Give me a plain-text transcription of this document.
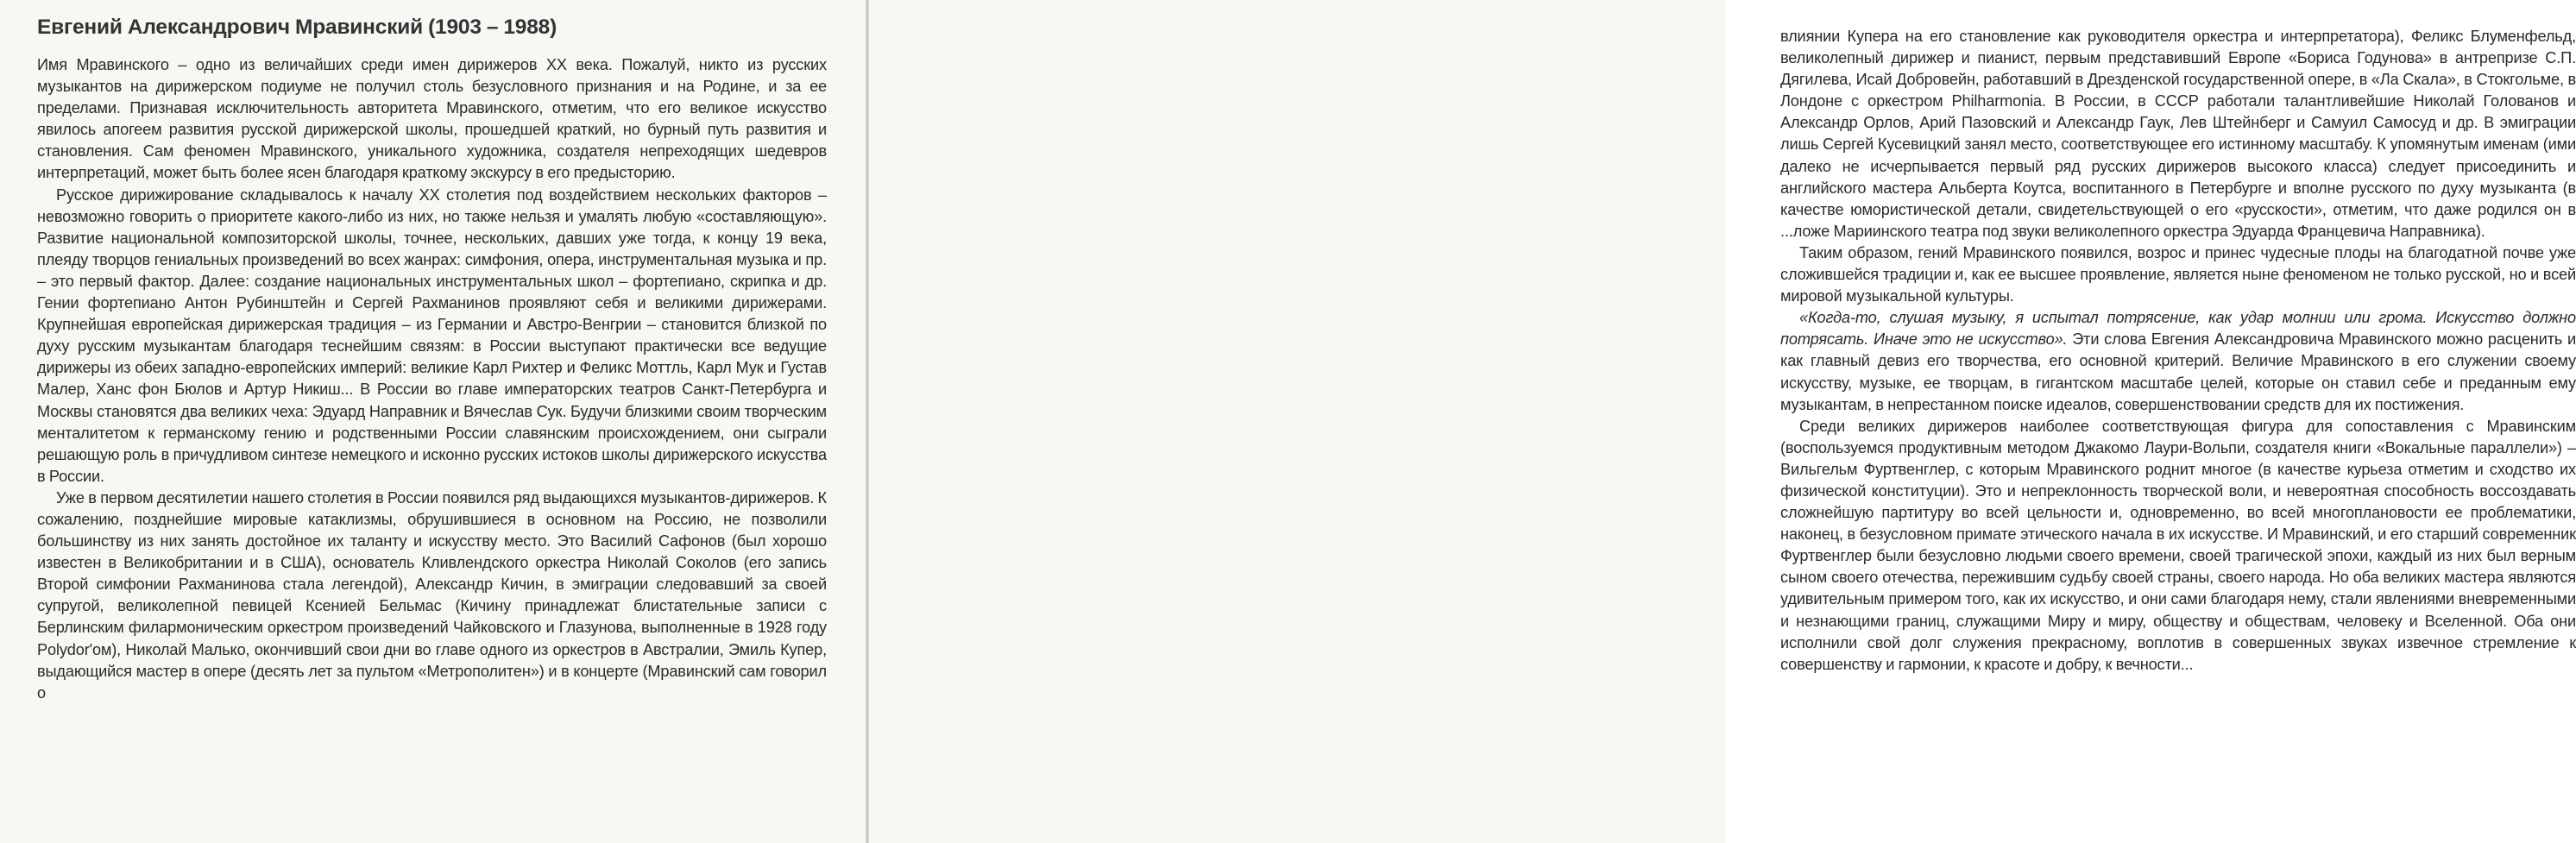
Евгений Александрович Мравинский (1903 – 1988)

Имя Мравинского – одно из величайших среди имен дирижеров XX века. Пожалуй, никто из русских музыкантов на дирижерском подиуме не получил столь безусловного признания и на Родине, и за ее пределами. Признавая исключительность авторитета Мравинского, отметим, что его великое искусство явилось апогеем развития русской дирижерской школы, прошедшей краткий, но бурный путь развития и становления. Сам феномен Мравинского, уникального художника, создателя непреходящих шедевров интерпретаций, может быть более ясен благодаря краткому экскурсу в его предысторию.

Русское дирижирование складывалось к началу XX столетия под воздействием нескольких факторов – невозможно говорить о приоритете какого-либо из них, но также нельзя и умалять любую «составляющую». Развитие национальной композиторской школы, точнее, нескольких, давших уже тогда, к концу 19 века, плеяду творцов гениальных произведений во всех жанрах: симфония, опера, инструментальная музыка и пр. – это первый фактор. Далее: создание национальных инструментальных школ – фортепиано, скрипка и др. Гении фортепиано Антон Рубинштейн и Сергей Рахманинов проявляют себя и великими дирижерами. Крупнейшая европейская дирижерская традиция – из Германии и Австро-Венгрии – становится близкой по духу русским музыкантам благодаря теснейшим связям: в России выступают практически все ведущие дирижеры из обеих западно-европейских империй: великие Карл Рихтер и Феликс Моттль, Карл Мук и Густав Малер, Ханс фон Бюлов и Артур Никиш... В России во главе императорских театров Санкт-Петербурга и Москвы становятся два великих чеха: Эдуард Направник и Вячеслав Сук. Будучи близкими своим творческим менталитетом к германскому гению и родственными России славянским происхождением, они сыграли решающую роль в причудливом синтезе немецкого и исконно русских истоков школы дирижерского искусства в России.

Уже в первом десятилетии нашего столетия в России появился ряд выдающихся музыкантов-дирижеров. К сожалению, позднейшие мировые катаклизмы, обрушившиеся в основном на Россию, не позволили большинству из них занять достойное их таланту и искусству место. Это Василий Сафонов (был хорошо известен в Великобритании и в США), основатель Кливлендского оркестра Николай Соколов (его запись Второй симфонии Рахманинова стала легендой), Александр Кичин, в эмиграции следовавший за своей супругой, великолепной певицей Ксенией Бельмас (Кичину принадлежат блистательные записи с Берлинским филармоническим оркестром произведений Чайковского и Глазунова, выполненные в 1928 году Polydor'ом), Николай Малько, окончивший свои дни во главе одного из оркестров в Австралии, Эмиль Купер, выдающийся мастер в опере (десять лет за пультом «Метрополитен») и в концерте (Мравинский сам говорил о

влиянии Купера на его становление как руководителя оркестра и интерпретатора), Феликс Блуменфельд, великолепный дирижер и пианист, первым представивший Европе «Бориса Годунова» в антрепризе С.П. Дягилева, Исай Добровейн, работавший в Дрезденской государственной опере, в «Ла Скала», в Стокгольме, в Лондоне с оркестром Philharmonia. В России, в СССР работали талантливейшие Николай Голованов и Александр Орлов, Арий Пазовский и Александр Гаук, Лев Штейнберг и Самуил Самосуд и др. В эмиграции лишь Сергей Кусевицкий занял место, соответствующее его истинному масштабу. К упомянутым именам (ими далеко не исчерпывается первый ряд русских дирижеров высокого класса) следует присоединить и английского мастера Альберта Коутса, воспитанного в Петербурге и вполне русского по духу музыканта (в качестве юмористической детали, свидетельствующей о его «русскости», отметим, что даже родился он в ...ложе Мариинского театра под звуки великолепного оркестра Эдуарда Францевича Направника).

Таким образом, гений Мравинского появился, возрос и принес чудесные плоды на благодатной почве уже сложившейся традиции и, как ее высшее проявление, является ныне феноменом не только русской, но и всей мировой музыкальной культуры.

«Когда-то, слушая музыку, я испытал потрясение, как удар молнии или грома. Искусство должно потрясать. Иначе это не искусство». Эти слова Евгения Александровича Мравинского можно расценить и как главный девиз его творчества, его основной критерий. Величие Мравинского в его служении своему искусству, музыке, ее творцам, в гигантском масштабе целей, которые он ставил себе и преданным ему музыкантам, в непрестанном поиске идеалов, совершенствовании средств для их постижения.

Среди великих дирижеров наиболее соответствующая фигура для сопоставления с Мравинским (воспользуемся продуктивным методом Джакомо Лаури-Вольпи, создателя книги «Вокальные параллели») – Вильгельм Фуртвенглер, с которым Мравинского роднит многое (в качестве курьеза отметим и сходство их физической конституции). Это и непреклонность творческой воли, и невероятная способность воссоздавать сложнейшую партитуру во всей цельности и, одновременно, во всей многоплановости ее проблематики, наконец, в безусловном примате этического начала в их искусстве. И Мравинский, и его старший современник Фуртвенглер были безусловно людьми своего времени, своей трагической эпохи, каждый из них был верным сыном своего отечества, пережившим судьбу своей страны, своего народа. Но оба великих мастера являются удивительным примером того, как их искусство, и они сами благодаря нему, стали явлениями вневременными и незнающими границ, служащими Миру и миру, обществу и обществам, человеку и Вселенной. Оба они исполнили свой долг служения прекрасному, воплотив в совершенных звуках извечное стремление к совершенству и гармонии, к красоте и добру, к вечности...
